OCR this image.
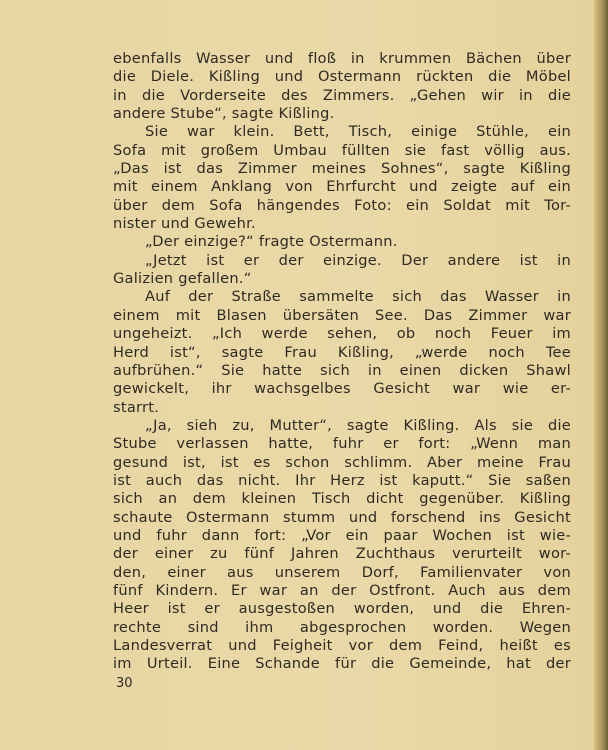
ebenfalls Wasser und floß in krummen Bächen über
die Diele. Kißling und Ostermann rückten die Möbel
in die Vorderseite des Zimmers. „Gehen wir in die
andere Stube“, sagte Kißling.
Sie war klein. Bett, Tisch, einige Stühle, ein
Sofa mit großem Umbau füllten sie fast völlig aus.
„Das ist das Zimmer meines Sohnes“, sagte Kißling
mit einem Anklang von Ehrfurcht und zeigte auf ein
über dem Sofa hängendes Foto: ein Soldat mit Tor-
nister und Gewehr.
„Der einzige?“ fragte Ostermann.
„Jetzt ist er der einzige. Der andere ist in
Galizien gefallen.“
Auf der Straße sammelte sich das Wasser in
einem mit Blasen übersäten See. Das Zimmer war
ungeheizt. „Ich werde sehen, ob noch Feuer im
Herd ist“, sagte Frau Kißling, „werde noch Tee
aufbrühen.“ Sie hatte sich in einen dicken Shawl
gewickelt, ihr wachsgelbes Gesicht war wie er-
starrt.
„Ja, sieh zu, Mutter“, sagte Kißling. Als sie die
Stube verlassen hatte, fuhr er fort: „Wenn man
gesund ist, ist es schon schlimm. Aber meine Frau
ist auch das nicht. Ihr Herz ist kaputt.“ Sie saßen
sich an dem kleinen Tisch dicht gegenüber. Kißling
schaute Ostermann stumm und forschend ins Gesicht
und fuhr dann fort: „Vor ein paar Wochen ist wie-
der einer zu fünf Jahren Zuchthaus verurteilt wor-
den, einer aus unserem Dorf, Familienvater von
fünf Kindern. Er war an der Ostfront. Auch aus dem
Heer ist er ausgestoßen worden, und die Ehren-
rechte sind ihm abgesprochen worden. Wegen
Landesverrat und Feigheit vor dem Feind, heißt es
im Urteil. Eine Schande für die Gemeinde, hat der
30
